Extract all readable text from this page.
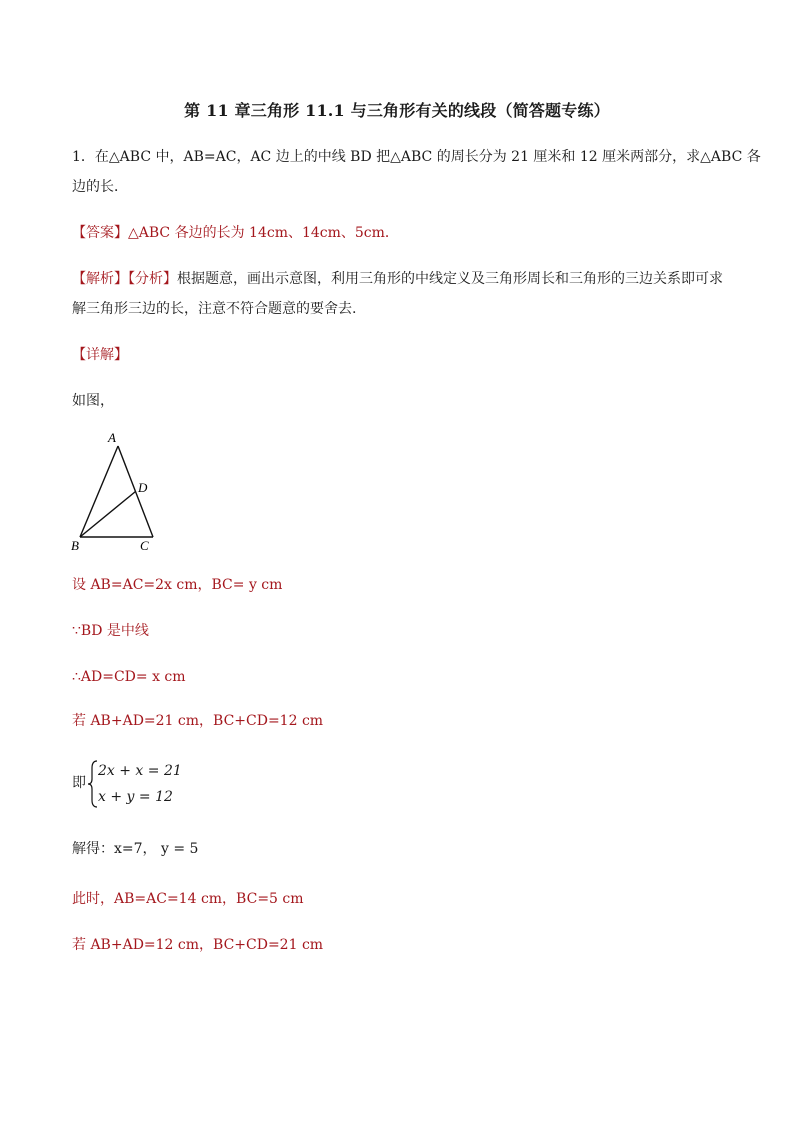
第 11 章三角形 11.1 与三角形有关的线段（简答题专练）
1．在△ABC 中，AB=AC，AC 边上的中线 BD 把△ABC 的周长分为 21 厘米和 12 厘米两部分，求△ABC 各
边的长．
【答案】△ABC 各边的长为 14cm、14cm、5cm．
【解析】【分析】根据题意，画出示意图，利用三角形的中线定义及三角形周长和三角形的三边关系即可求
解三角形三边的长，注意不符合题意的要舍去.
【详解】
如图，
A
D
B	C
设 AB=AC=2x cm，BC= y cm
∵BD 是中线
∴AD=CD= x cm
若 AB+AD=21 cm，BC+CD=12 cm
即
2x + x = 21
x + y = 12
解得：x=7， y = 5
此时，AB=AC=14 cm，BC=5 cm
若 AB+AD=12 cm，BC+CD=21 cm
